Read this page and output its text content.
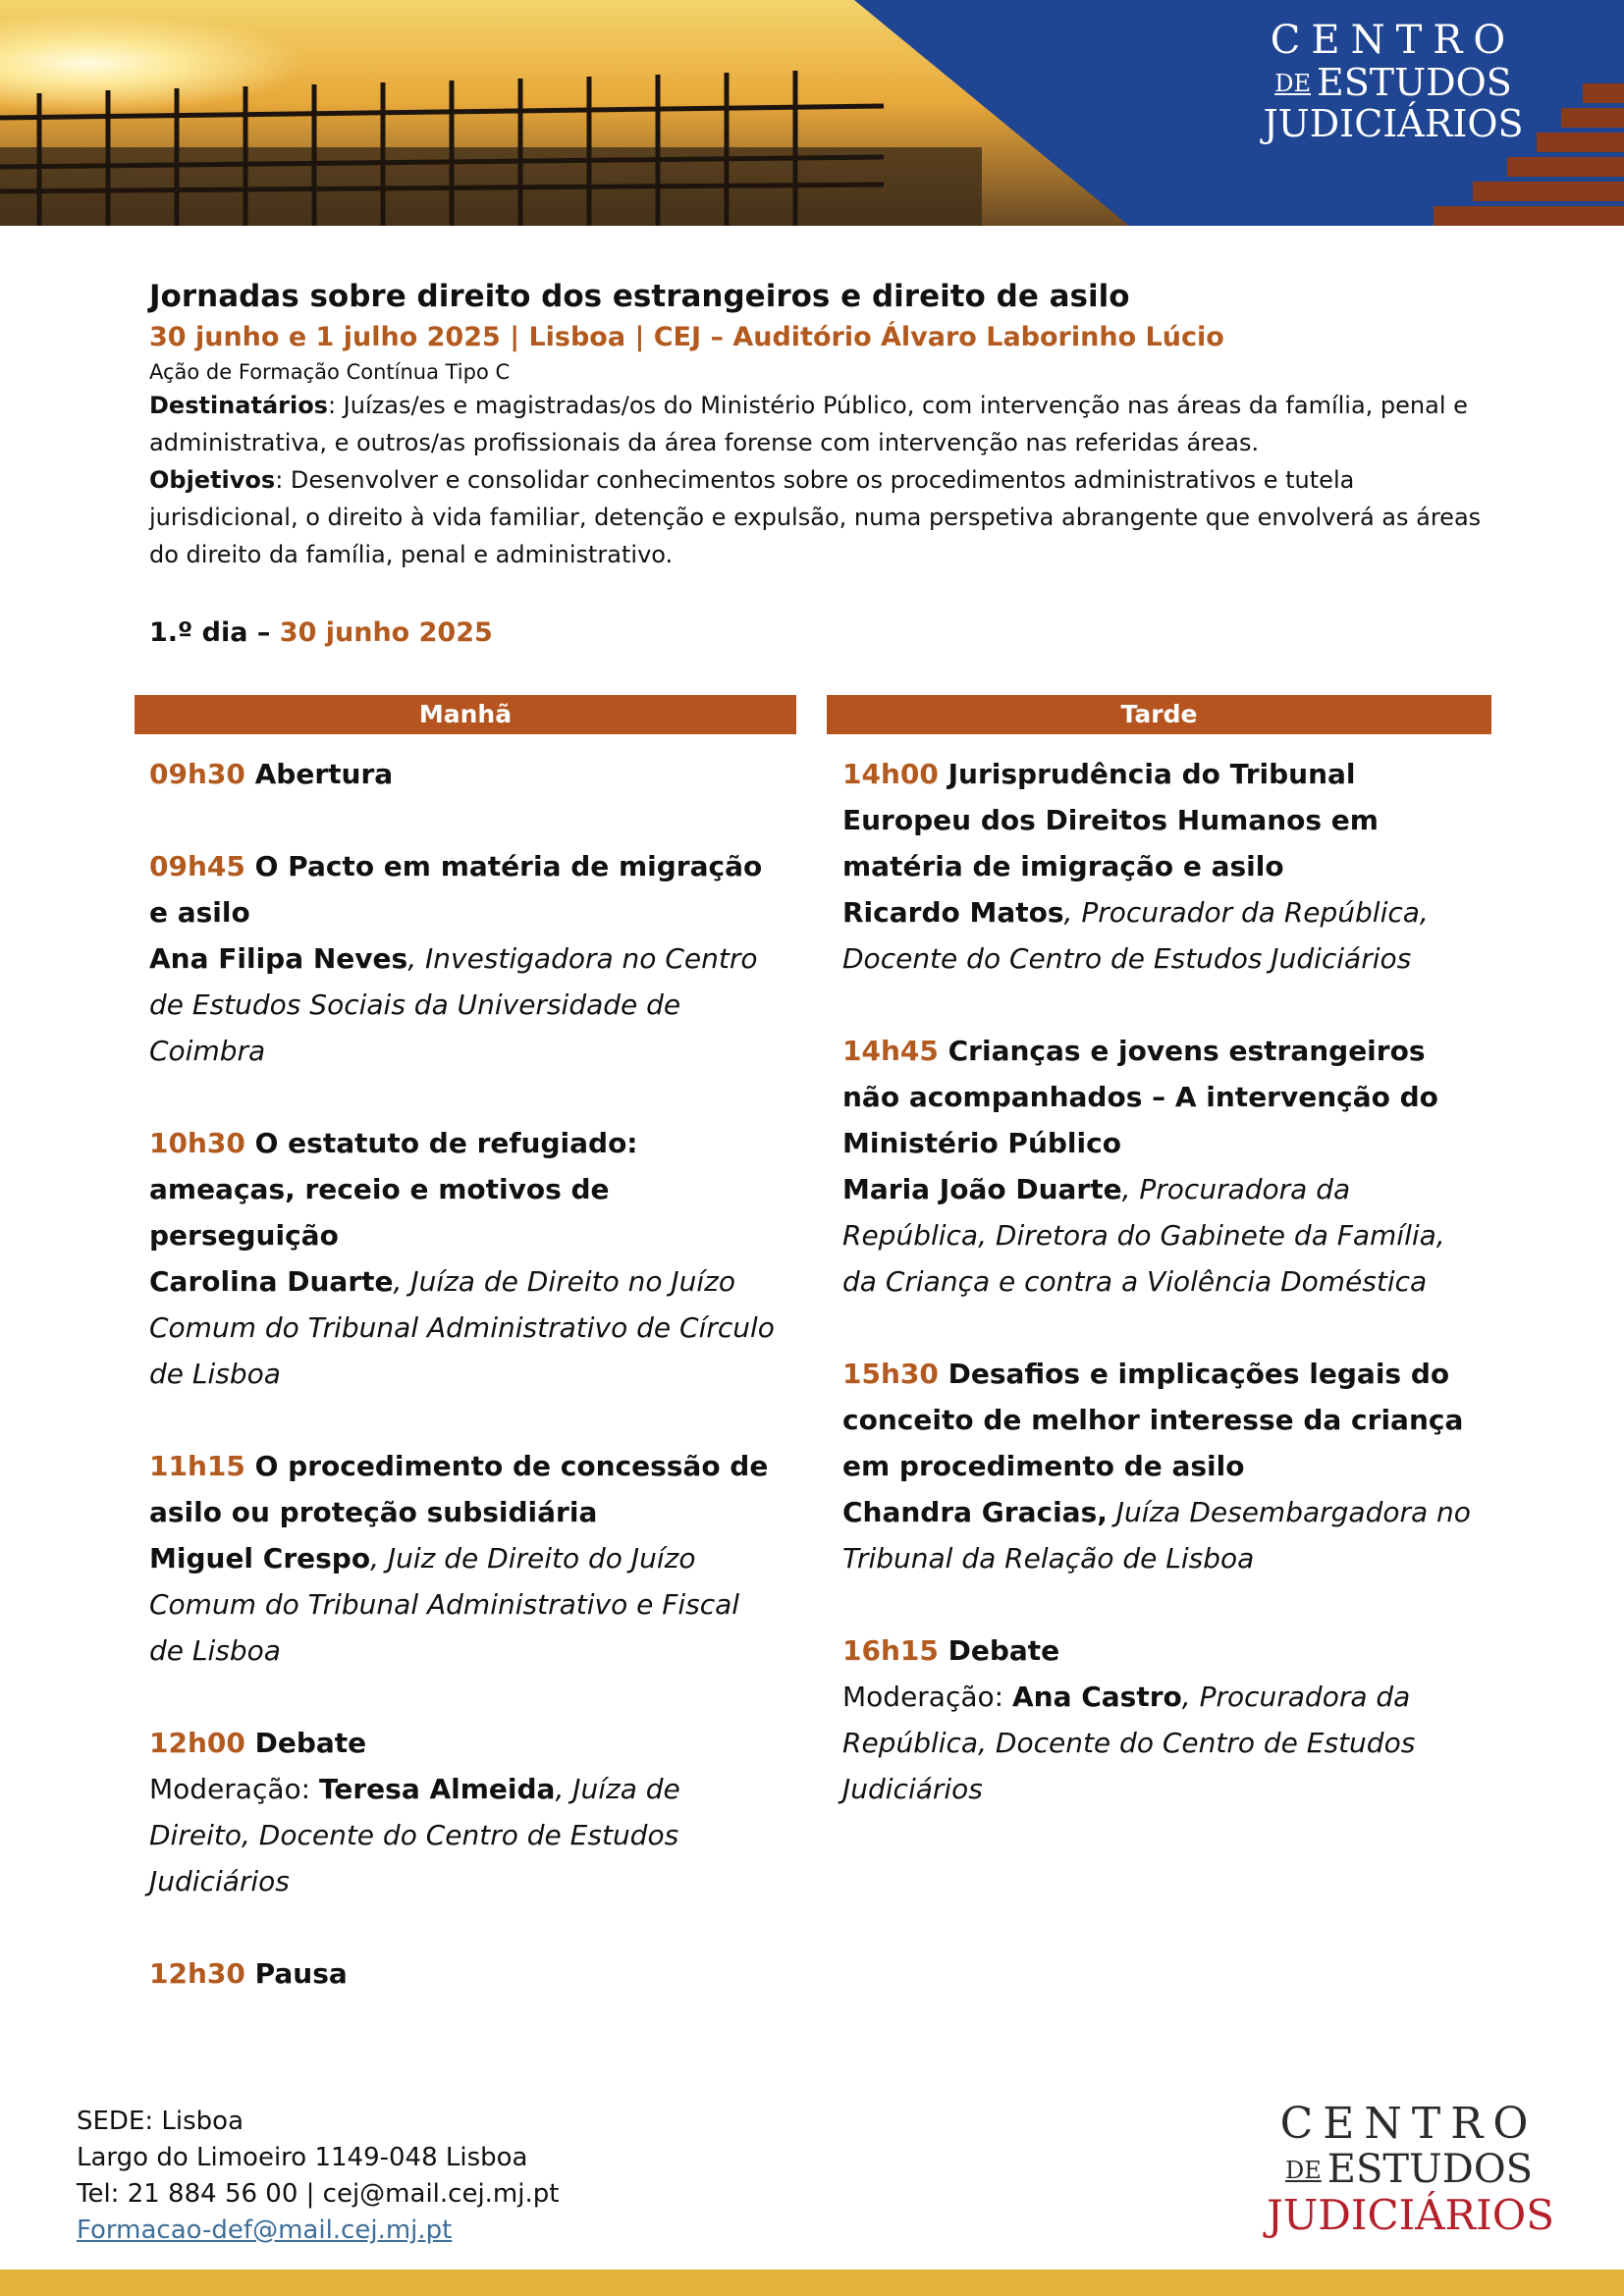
CENTRO
DE ESTUDOS
JUDICIÁRIOS
Jornadas sobre direito dos estrangeiros e direito de asilo
30 junho e 1 julho 2025 | Lisboa | CEJ – Auditório Álvaro Laborinho Lúcio
Ação de Formação Contínua Tipo C
Destinatários: Juízas/es e magistradas/os do Ministério Público, com intervenção nas áreas da família, penal e administrativa, e outros/as profissionais da área forense com intervenção nas referidas áreas.
Objetivos: Desenvolver e consolidar conhecimentos sobre os procedimentos administrativos e tutela jurisdicional, o direito à vida familiar, detenção e expulsão, numa perspetiva abrangente que envolverá as áreas do direito da família, penal e administrativo.
1.º dia – 30 junho 2025
Manhã	Tarde

09h30 Abertura

09h45 O Pacto em matéria de migração e asilo

Ana Filipa Neves, Investigadora no Centro de Estudos Sociais da Universidade de Coimbra

10h30 O estatuto de refugiado: ameaças, receio e motivos de perseguição

Carolina Duarte, Juíza de Direito no Juízo Comum do Tribunal Administrativo de Círculo de Lisboa

11h15 O procedimento de concessão de asilo ou proteção subsidiária

Miguel Crespo, Juiz de Direito do Juízo Comum do Tribunal Administrativo e Fiscal de Lisboa

12h00 Debate

Moderação: Teresa Almeida, Juíza de Direito, Docente do Centro de Estudos Judiciários

12h30 Pausa

14h00 Jurisprudência do Tribunal Europeu dos Direitos Humanos em matéria de imigração e asilo

Ricardo Matos, Procurador da República, Docente do Centro de Estudos Judiciários

14h45 Crianças e jovens estrangeiros não acompanhados – A intervenção do Ministério Público

Maria João Duarte, Procuradora da República, Diretora do Gabinete da Família, da Criança e contra a Violência Doméstica

15h30 Desafios e implicações legais do conceito de melhor interesse da criança em procedimento de asilo

Chandra Gracias, Juíza Desembargadora no Tribunal da Relação de Lisboa

16h15 Debate

Moderação: Ana Castro, Procuradora da República, Docente do Centro de Estudos Judiciários

SEDE: Lisboa
Largo do Limoeiro 1149-048 Lisboa
Tel: 21 884 56 00 | cej@mail.cej.mj.pt
Formacao-def@mail.cej.mj.pt
CENTRO
DE ESTUDOS
JUDICIÁRIOS
